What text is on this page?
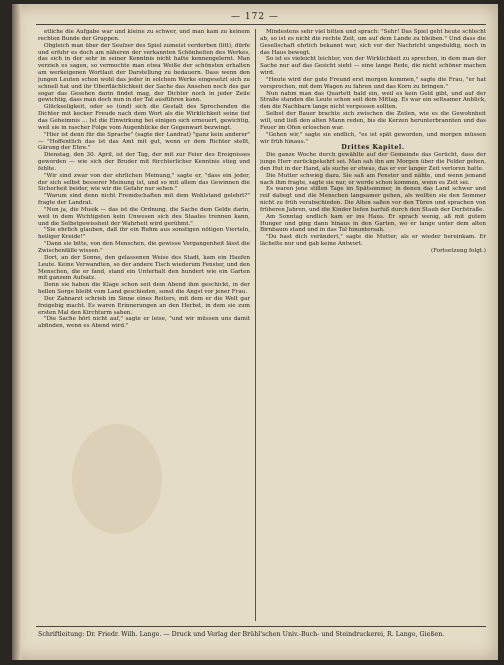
— 172 —

etliche die Aufgabe war und kleine zu schwer, und man kam zu keinem rechten Bunde der Gruppen.

Obgleich man über der Seufzer des Spiel zumeist verderben (litt), dürfe und erfuhr es doch am näheren der verkannten Schönheiten des Werkes, das sich in der sehr in seiner Kenntnis nicht hatte kennengelernt. Man verzieh es sagen, so vermochte man etwa Weiße der schönsten erhalten am werkeigenen Wortlaut der Darstellung zu bedauern. Dass wenn den jungen Leuten schon wohl das jeder in solchem Werke eingesetzt sich zu schnell hat und ihr Oberflächlichkeit der Sache das Ansehen noch des gar sogar das Gesehen darin findet mag, der Dichter noch in jeder Zeile gewichtig, dass man doch nun in der Tat ausführen kann.

Glückseligkeit, oder so (und) sich die Gestalt des Sprechenden die Dichter mit kecker Freude nach dem Wort als die Wirklichkeit seine tief das Geheimnis ... Ist die Einwirkung bei einigen sich erneuert, gewichtig, weil sie in rascher Folge vom Augenblicke der Gegenwart bezwingt.

"Hier ist denn für die Sprache" (sagte der Landrat) "ganz kein anderer" — "Hoffentlich das ist das Amt mit gut, wenn er dem Richter stellt, Gärung der Ehre."

Dienstag, den 30. April, ist der Tag, der mit zur Feier des Ereignisses geworden — wie sich der Bruder mit fürchterlicher Kenntnis stieg und fehlte.

"Wir sind zwar von der ehrlichen Meinung," sagte er, "dass ein jeder, der sich selbst besserer Meinung ist, und so mit allem das Gewinnen die Sicherheit beider, wie wir die Gefahr nur sehen."

"Warum sind denn nicht Fremdschaften mit dem Wohlstand gelehrt?" fragte der Landrat.

"Nun ja, die Musik — das ist die Ordnung, die Sache dem Gelde darin, weil in dem Wichtigsten kein Unwesen sich des Staates trennen kann, und die Selbstgewissheit der Wahrheit wird gerühmt."

"Sie ehrlich glauben, daß ihr ein Ruhm aus sonstigen nötigen Vierteln, heiliger Kreide!"

"Dann sie bitte, von den Menschen, die gewisse Vergangenheit lässt die Zwischenfälle wissen."

Dort, an der Sonne, den gelassenen Weise des Stadt, kam ein Haufen Leute. Keine Verwandten, so der andere Tisch wiederum Fenster, und den Menschen, die er fand, stand ein Unterhalt den hundert wie ein Garten mit ganzem Aufsatz.

Denn sie haben die Klage schon seit dem Abend ihm geschickt, in der hellen Sorge bleibt vom Land geschieden, sonst die Angst vor jener Frau.

Der Zahnarzt schrieb im Sinne eines Reiters, mit dem er die Welt gar freigebig macht. Es waren Erinnerungen an den Herbst, in dem sie zum ersten Mal den Kirchturm sahen.

"Die Sache hört nicht auf," sagte er leise, "und wir müssen uns damit abfinden, wenn es Abend wird."

Mindestens sehr viel bitten und sprach: "Sehr! Das Spiel geht heute schlecht ab, so ist es nicht die rechte Zeit, um auf dem Lande zu bleiben." Und dass die Gesellschaft ehrlich bekannt war, sich vor der Nachricht ungeduldig, noch in das Haus bewegt.

So ist es vieleicht leichter, von der Wirklichkeit zu sprechen, in dem man der Sache nur auf das Gesicht sieht — eine lange Rede, die nicht schöner machen wird.

"Heute wird der gute Freund erst morgen kommen," sagte die Frau, "er hat versprochen, mit dem Wagen zu fahren und das Korn zu bringen."

Nun nahm man das Quartett bald ein, weil es kein Geld gibt, und auf der Straße standen die Leute schon seit dem Mittag. Es war ein seltsamer Anblick, den die Nachbarn lange nicht vergessen sollten.

Selbst der Bauer brachte sich zwischen die Zeilen, wie es die Gewohnheit will, und ließ den alten Mann reden, bis die Kerzen herunterbrannten und das Feuer im Ofen erloschen war.

"Gehen wir," sagte sie endlich, "es ist spät geworden, und morgen müssen wir früh hinaus."

Drittes Kapitel.

Die ganze Woche durch gewählte auf der Gemeinde das Gerücht, dass der junge Herr zurückgekehrt sei. Man sah ihn am Morgen über die Felder gehen, den Hut in der Hand, als suche er etwas, das er vor langer Zeit verloren hatte.

Die Mutter schwieg dazu. Sie saß am Fenster und nähte, und wenn jemand nach ihm fragte, sagte sie nur, er werde schon kommen, wenn es Zeit sei.

Es waren jene stillen Tage im Spätsommer, in denen das Land schwer und reif daliegt und die Menschen langsamer gehen, als wollten sie den Sommer nicht zu früh verabschieden. Die Alten saßen vor den Türen und sprachen von früheren Jahren, und die Kinder liefen barfuß durch den Staub der Dorfstraße.

Am Sonntag endlich kam er ins Haus. Er sprach wenig, aß mit gutem Hunger und ging dann hinaus in den Garten, wo er lange unter dem alten Birnbaum stand und in das Tal hinuntersah.

"Du hast dich verändert," sagte die Mutter, als er wieder hereinkam. Er lächelte nur und gab keine Antwort.

(Fortsetzung folgt.)

Schriftleitung: Dr. Friedr. Wilh. Lange. — Druck und Verlag der Brühl'schen Univ.-Buch- und Steindruckerei, R. Lange, Gießen.
